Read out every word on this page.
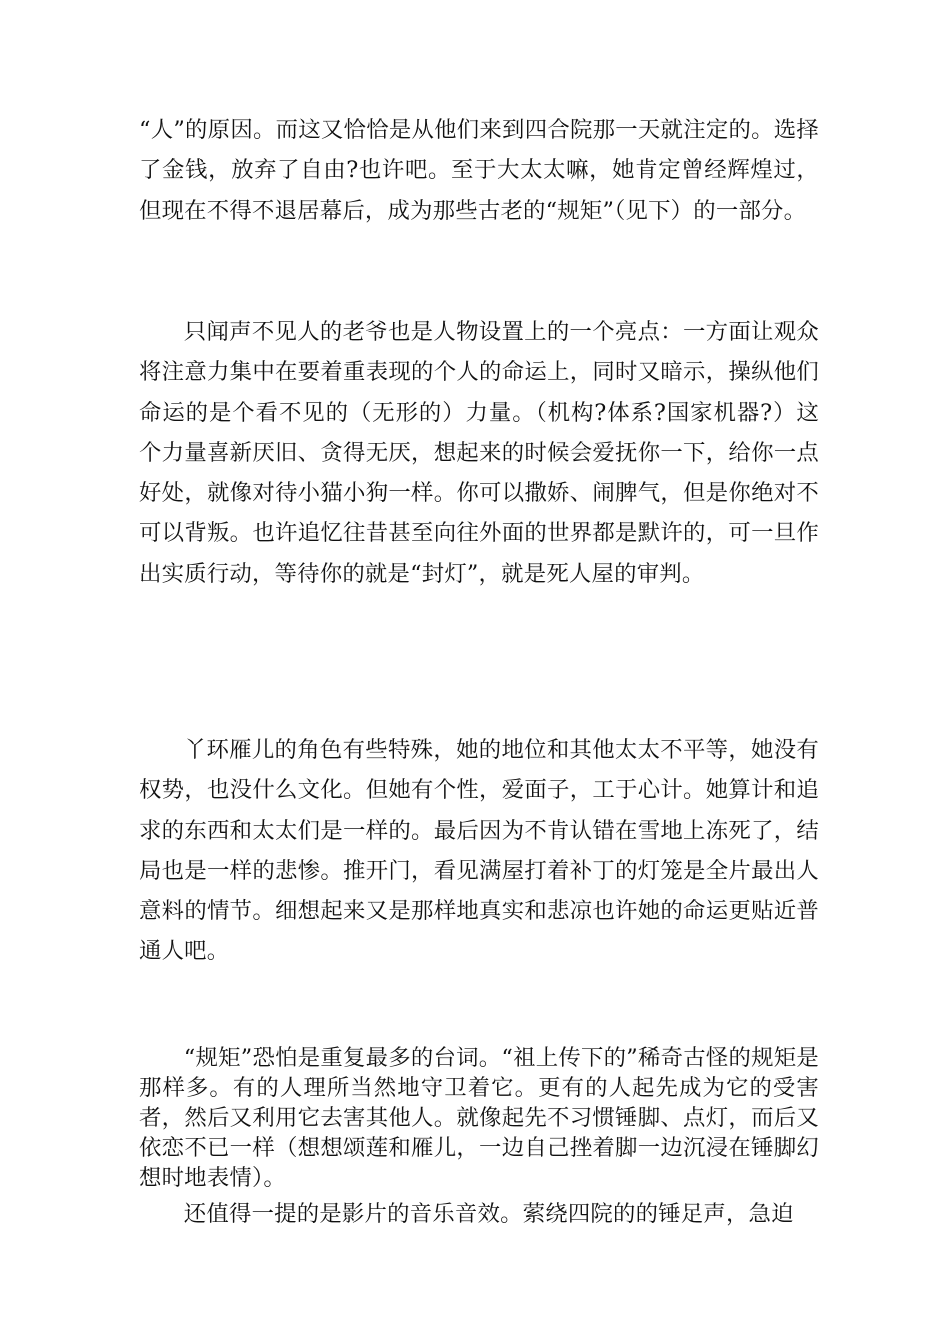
“人”的原因。而这又恰恰是从他们来到四合院那一天就注定的。选择了金钱，放弃了自由?也许吧。至于大太太嘛，她肯定曾经辉煌过，但现在不得不退居幕后，成为那些古老的“规矩”（见下）的一部分。

只闻声不见人的老爷也是人物设置上的一个亮点：一方面让观众将注意力集中在要着重表现的个人的命运上，同时又暗示，操纵他们命运的是个看不见的（无形的）力量。（机构?体系?国家机器?）这个力量喜新厌旧、贪得无厌，想起来的时候会爱抚你一下，给你一点好处，就像对待小猫小狗一样。你可以撒娇、闹脾气，但是你绝对不可以背叛。也许追忆往昔甚至向往外面的世界都是默许的，可一旦作出实质行动，等待你的就是“封灯”，就是死人屋的审判。

丫环雁儿的角色有些特殊，她的地位和其他太太不平等，她没有权势，也没什么文化。但她有个性，爱面子，工于心计。她算计和追求的东西和太太们是一样的。最后因为不肯认错在雪地上冻死了，结局也是一样的悲惨。推开门，看见满屋打着补丁的灯笼是全片最出人意料的情节。细想起来又是那样地真实和悲凉也许她的命运更贴近普通人吧。

“规矩”恐怕是重复最多的台词。“祖上传下的”稀奇古怪的规矩是那样多。有的人理所当然地守卫着它。更有的人起先成为它的受害者，然后又利用它去害其他人。就像起先不习惯锤脚、点灯，而后又依恋不已一样（想想颂莲和雁儿，一边自己挫着脚一边沉浸在锤脚幻想时地表情）。

还值得一提的是影片的音乐音效。萦绕四院的的锤足声，急迫
